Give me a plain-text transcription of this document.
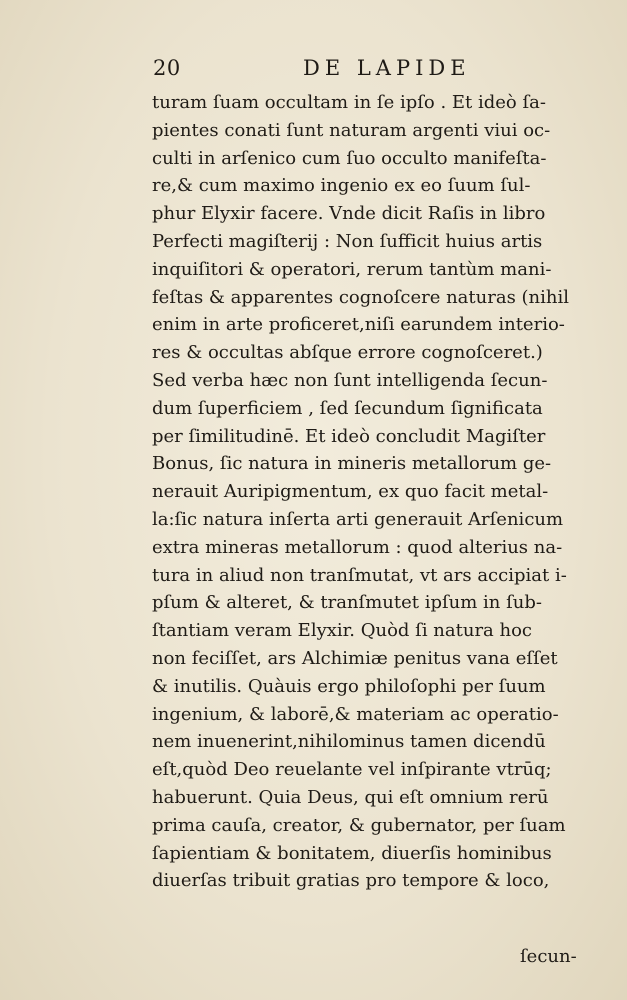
20	DE LAPIDE
turam ſuam occultam in ſe ipſo . Et ideò ſa-
pientes conati ſunt naturam argenti viui oc-
culti in arſenico cum ſuo occulto manifeſta-
re,& cum maximo ingenio ex eo ſuum ſul-
phur Elyxir facere. Vnde dicit Raſis in libro
Perfecti magiſterij : Non ſufficit huius artis
inquiſitori & operatori, rerum tantùm mani-
feſtas & apparentes cognoſcere naturas (nihil
enim in arte proficeret,niſi earundem interio-
res & occultas abſque errore cognoſceret.)
Sed verba hæc non ſunt intelligenda ſecun-
dum ſuperficiem , ſed ſecundum ſignificata
per ſimilitudinē. Et ideò concludit Magiſter
Bonus, ſic natura in mineris metallorum ge-
nerauit Auripigmentum, ex quo facit metal-
la:ſic natura inſerta arti generauit Arſenicum
extra mineras metallorum : quod alterius na-
tura in aliud non tranſmutat, vt ars accipiat i-
pſum & alteret, & tranſmutet ipſum in ſub-
ſtantiam veram Elyxir. Quòd ſi natura hoc
non feciſſet, ars Alchimiæ penitus vana eſſet
& inutilis. Quàuis ergo philoſophi per ſuum
ingenium, & laborē,& materiam ac operatio-
nem inuenerint,nihilominus tamen dicendū
eſt,quòd Deo reuelante vel inſpirante vtrūq;
habuerunt. Quia Deus, qui eſt omnium rerū
prima cauſa, creator, & gubernator, per ſuam
ſapientiam & bonitatem, diuerſis hominibus
diuerſas tribuit gratias pro tempore & loco,
ſecun-
